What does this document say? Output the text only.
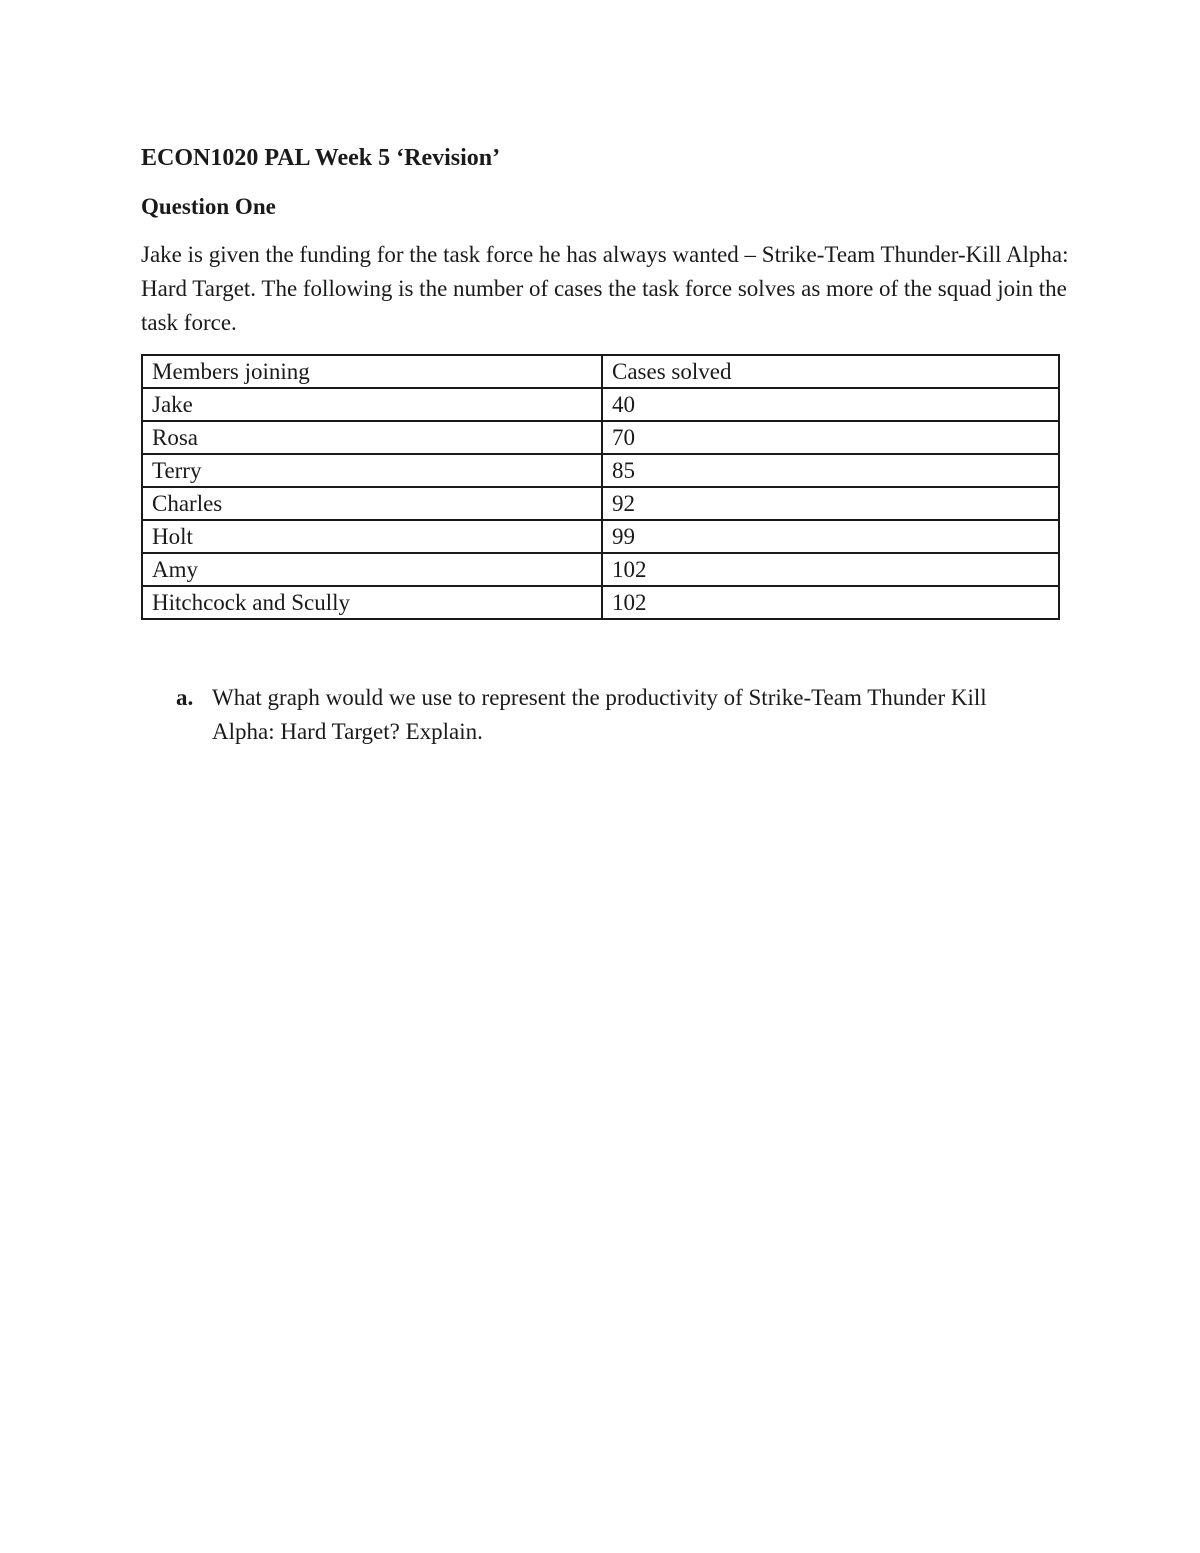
ECON1020 PAL Week 5 ‘Revision’
Question One

Jake is given the funding for the task force he has always wanted – Strike-Team Thunder-Kill Alpha: Hard Target. The following is the number of cases the task force solves as more of the squad join the task force.

Members joining	Cases solved
Jake	40
Rosa	70
Terry	85
Charles	92
Holt	99
Amy	102
Hitchcock and Scully	102
a. What graph would we use to represent the productivity of Strike-Team Thunder Kill Alpha: Hard Target? Explain.
